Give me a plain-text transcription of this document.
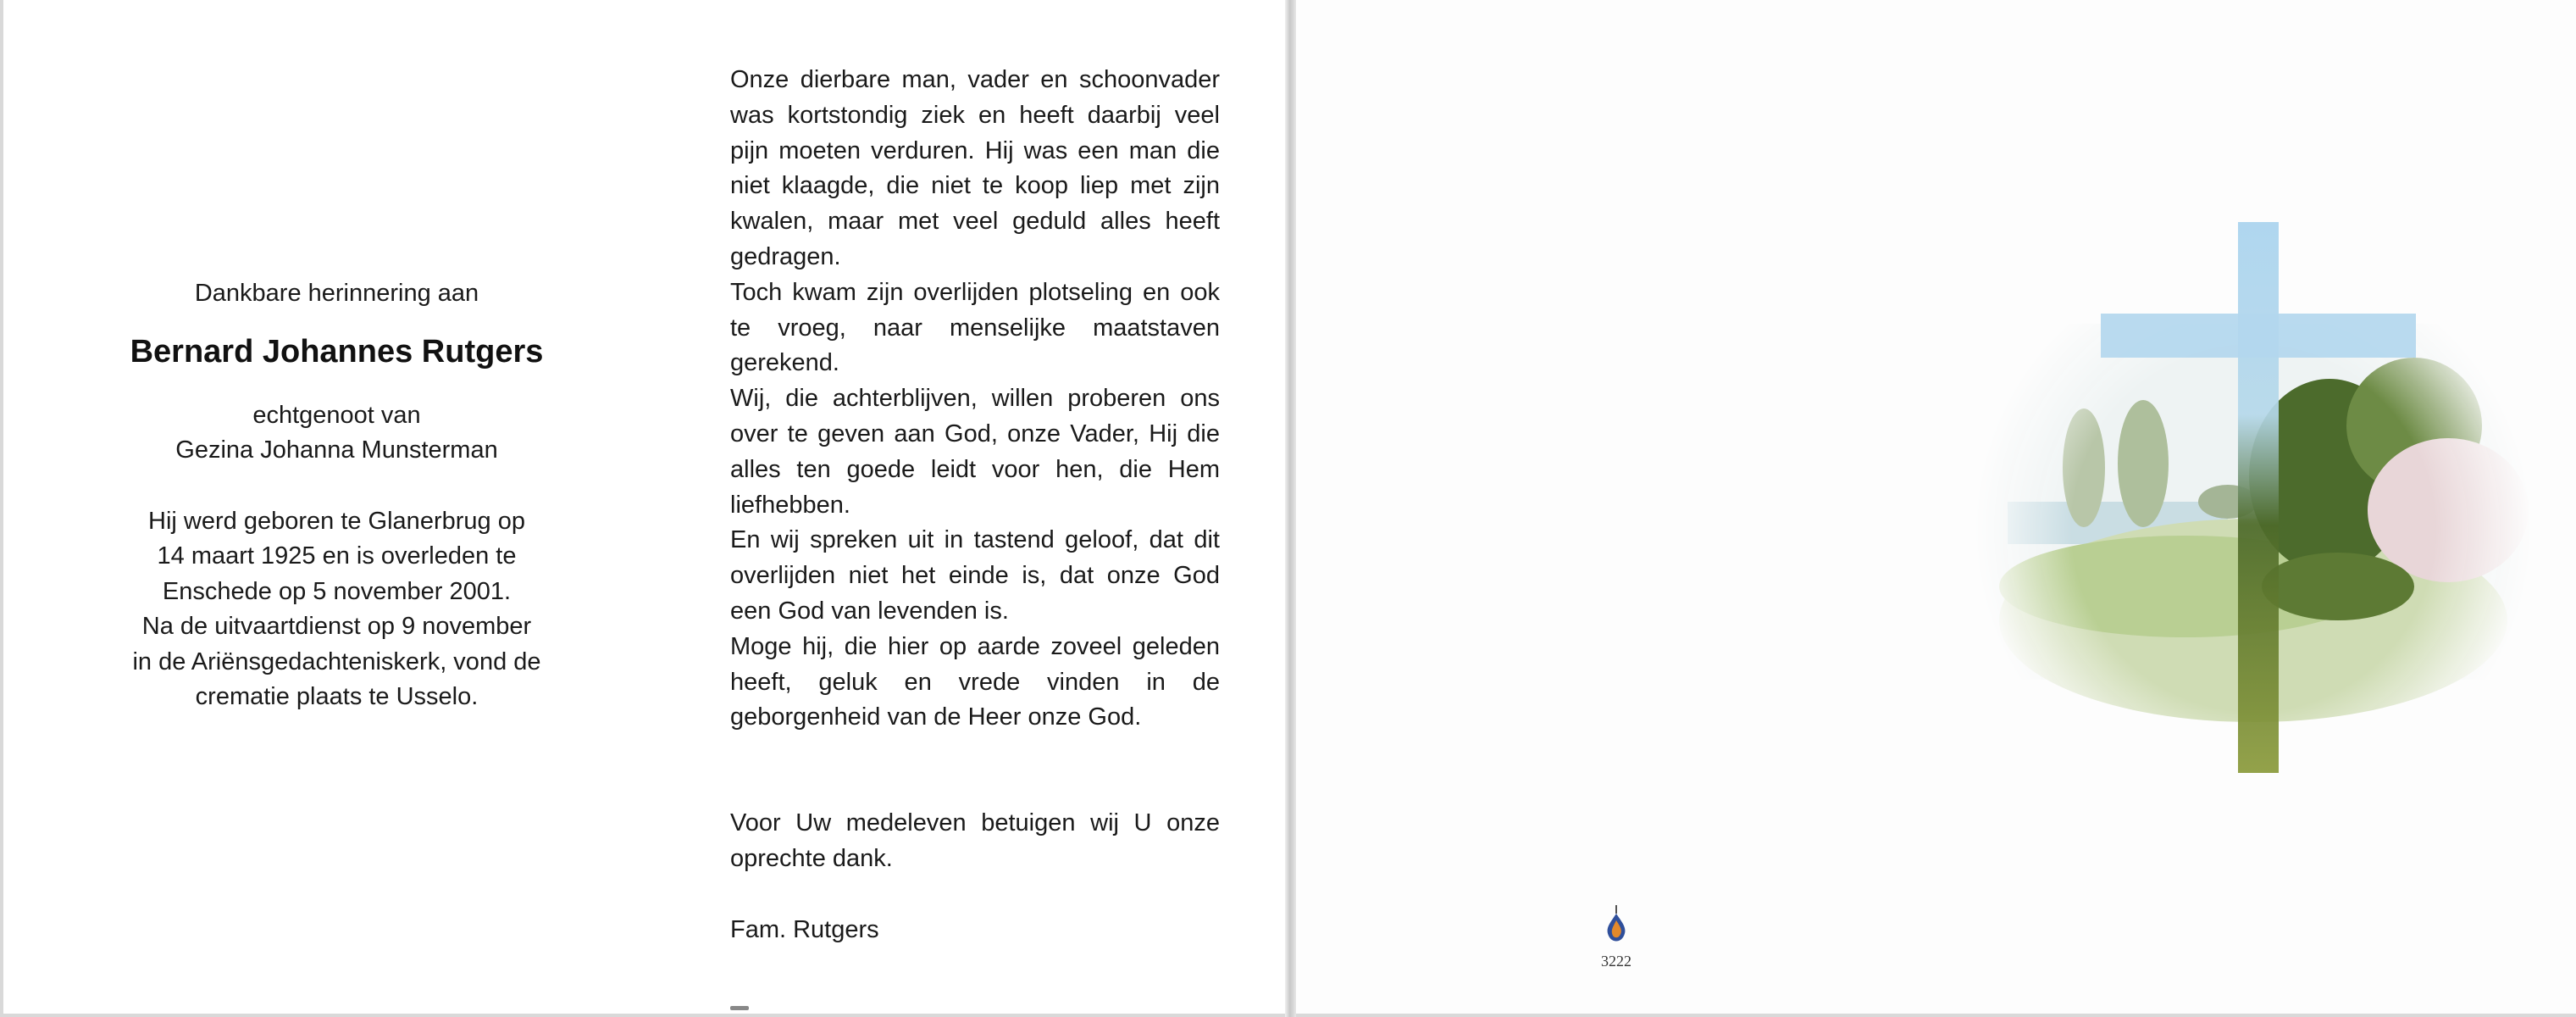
Dankbare herinnering aan
Bernard Johannes Rutgers
echtgenoot van
Gezina Johanna Munsterman
Hij werd geboren te Glanerbrug op
14 maart 1925 en is overleden te
Enschede op 5 november 2001.
Na de uitvaartdienst op 9 november
in de Ariënsgedachteniskerk, vond de
crematie plaats te Usselo.

Onze dierbare man, vader en schoonvader was kortstondig ziek en heeft daarbij veel pijn moeten verduren. Hij was een man die niet klaagde, die niet te koop liep met zijn kwalen, maar met veel geduld alles heeft gedragen.

Toch kwam zijn overlijden plotseling en ook te vroeg, naar menselijke maatstaven gerekend.

Wij, die achterblijven, willen proberen ons over te geven aan God, onze Vader, Hij die alles ten goede leidt voor hen, die Hem liefhebben.

En wij spreken uit in tastend geloof, dat dit overlijden niet het einde is, dat onze God een God van levenden is.

Moge hij, die hier op aarde zoveel geleden heeft, geluk en vrede vinden in de geborgenheid van de Heer onze God.

Voor Uw medeleven betuigen wij U onze oprechte dank.

Fam. Rutgers

3222
